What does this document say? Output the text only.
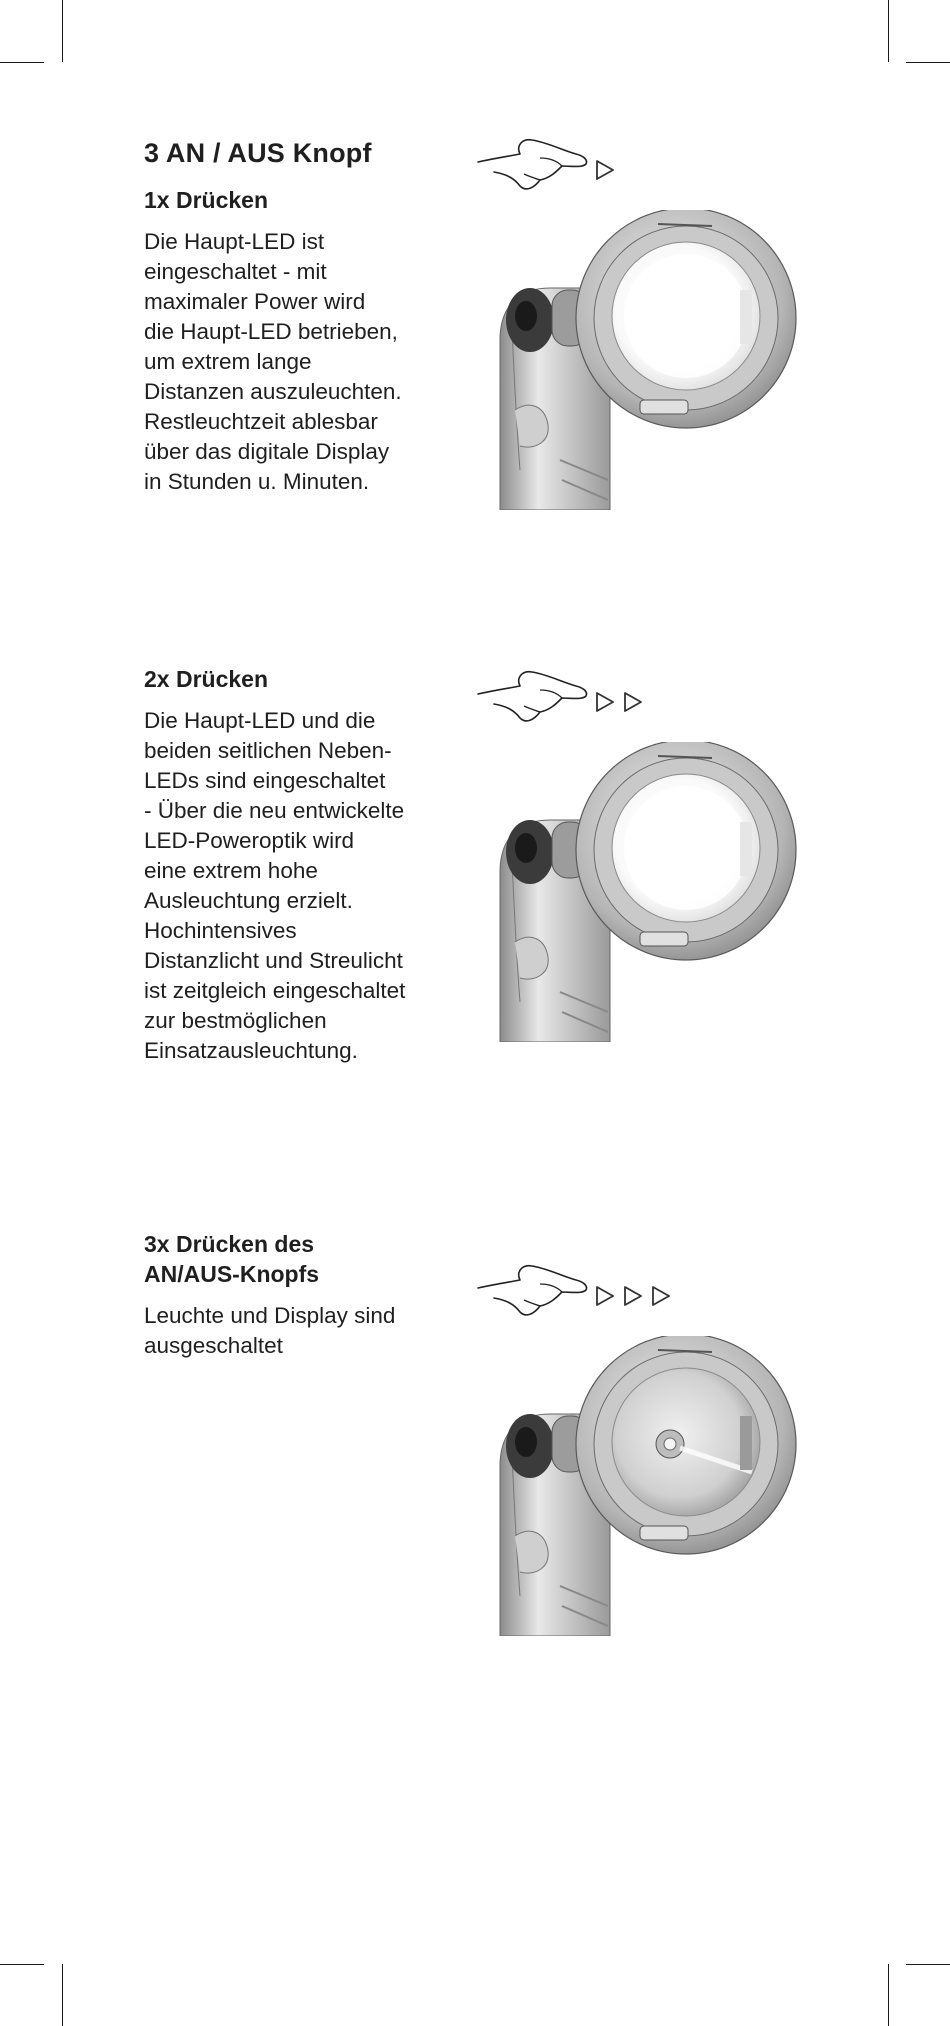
3 AN / AUS Knopf
1x Drücken

Die Haupt-LED ist
eingeschaltet - mit
maximaler Power wird
die Haupt-LED betrieben,
um extrem lange
Distanzen auszuleuchten.
Restleuchtzeit ablesbar
über das digitale Display
in Stunden u. Minuten.

2x Drücken

Die Haupt-LED und die
beiden seitlichen Neben-
LEDs sind eingeschaltet
- Über die neu entwickelte
LED-Poweroptik wird
eine extrem hohe
Ausleuchtung erzielt.
Hochintensives
Distanzlicht und Streulicht
ist zeitgleich eingeschaltet
zur bestmöglichen
Einsatzausleuchtung.

3x Drücken des
AN/AUS-Knopfs

Leuchte und Display sind
ausgeschaltet
